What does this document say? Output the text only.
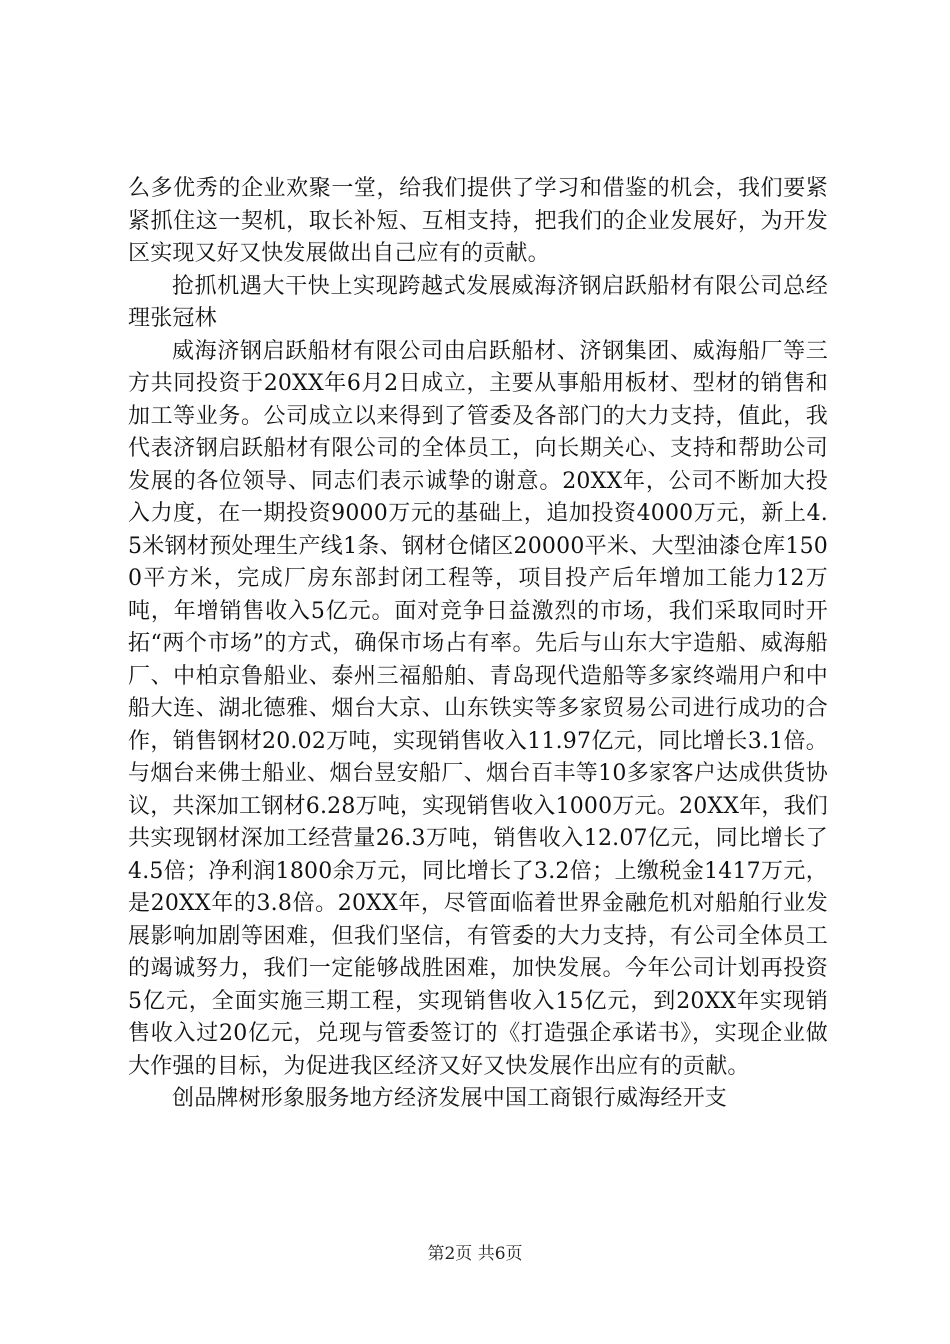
么多优秀的企业欢聚一堂，给我们提供了学习和借鉴的机会，我们要紧紧抓住这一契机，取长补短、互相支持，把我们的企业发展好，为开发区实现又好又快发展做出自己应有的贡献。

抢抓机遇大干快上实现跨越式发展威海济钢启跃船材有限公司总经理张冠林

威海济钢启跃船材有限公司由启跃船材、济钢集团、威海船厂等三方共同投资于20XX年6月2日成立，主要从事船用板材、型材的销售和加工等业务。公司成立以来得到了管委及各部门的大力支持，值此，我代表济钢启跃船材有限公司的全体员工，向长期关心、支持和帮助公司发展的各位领导、同志们表示诚挚的谢意。20XX年，公司不断加大投入力度，在一期投资9000万元的基础上，追加投资4000万元，新上4.5米钢材预处理生产线1条、钢材仓储区20000平米、大型油漆仓库1500平方米，完成厂房东部封闭工程等，项目投产后年增加工能力12万吨，年增销售收入5亿元。面对竞争日益激烈的市场，我们采取同时开拓“两个市场”的方式，确保市场占有率。先后与山东大宇造船、威海船厂、中柏京鲁船业、泰州三福船舶、青岛现代造船等多家终端用户和中船大连、湖北德雅、烟台大京、山东铁实等多家贸易公司进行成功的合作，销售钢材20.02万吨，实现销售收入11.97亿元，同比增长3.1倍。与烟台来佛士船业、烟台昱安船厂、烟台百丰等10多家客户达成供货协议，共深加工钢材6.28万吨，实现销售收入1000万元。20XX年，我们共实现钢材深加工经营量26.3万吨，销售收入12.07亿元，同比增长了4.5倍；净利润1800余万元，同比增长了3.2倍；上缴税金1417万元，是20XX年的3.8倍。20XX年，尽管面临着世界金融危机对船舶行业发展影响加剧等困难，但我们坚信，有管委的大力支持，有公司全体员工的竭诚努力，我们一定能够战胜困难，加快发展。今年公司计划再投资5亿元，全面实施三期工程，实现销售收入15亿元，到20XX年实现销售收入过20亿元，兑现与管委签订的《打造强企承诺书》，实现企业做大作强的目标，为促进我区经济又好又快发展作出应有的贡献。

创品牌树形象服务地方经济发展中国工商银行威海经开支

第2页 共6页
